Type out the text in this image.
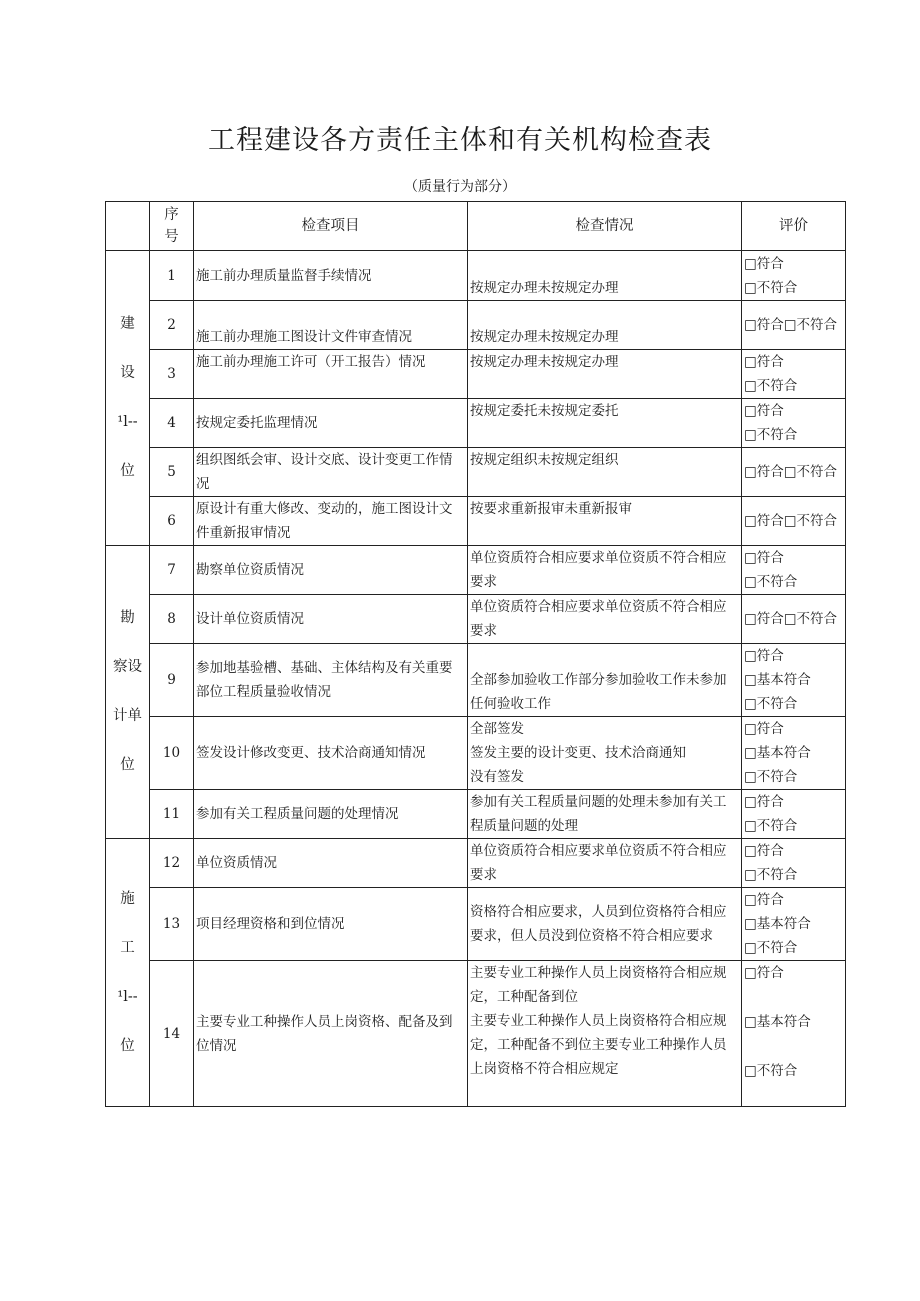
工程建设各方责任主体和有关机构检查表
（质量行为部分）

	序
号	检查项目	检查情况	评价

建
设
¹l--
位	1	施工前办理质量监督手续情况	按规定办理未按规定办理	□符合
□不符合

	2	施工前办理施工图设计文件审查情况	按规定办理未按规定办理	□符合□不符合
	3	施工前办理施工许可（开工报告）情况	按规定办理未按规定办理	□符合
□不符合

	4	按规定委托监理情况	按规定委托未按规定委托	□符合
□不符合

	5	组织图纸会审、设计交底、设计变更工作情况	按规定组织未按规定组织	□符合□不符合
	6	原设计有重大修改、变动的，施工图设计文件重新报审情况	按要求重新报审未重新报审	□符合□不符合

勘
察设
计单
位	7	勘察单位资质情况	单位资质符合相应要求单位资质不符合相应要求	□符合
□不符合

	8	设计单位资质情况	单位资质符合相应要求单位资质不符合相应要求	□符合□不符合
	9	参加地基验槽、基础、主体结构及有关重要部位工程质量验收情况	全部参加验收工作部分参加验收工作未参加任何验收工作	□符合
□基本符合
□不符合

	10	签发设计修改变更、技术洽商通知情况	全部签发
签发主要的设计变更、技术洽商通知
没有签发	□符合
□基本符合
□不符合

	11	参加有关工程质量问题的处理情况	参加有关工程质量问题的处理未参加有关工程质量问题的处理	□符合
□不符合

施
工
¹l--
位	12	单位资质情况	单位资质符合相应要求单位资质不符合相应要求	□符合
□不符合

	13	项目经理资格和到位情况	资格符合相应要求，人员到位资格符合相应要求，但人员没到位资格不符合相应要求	□符合
□基本符合
□不符合

	14	主要专业工种操作人员上岗资格、配备及到位情况	主要专业工种操作人员上岗资格符合相应规定，工种配备到位
主要专业工种操作人员上岗资格符合相应规定，工种配备不到位主要专业工种操作人员上岗资格不符合相应规定	□符合
□基本符合
□不符合
